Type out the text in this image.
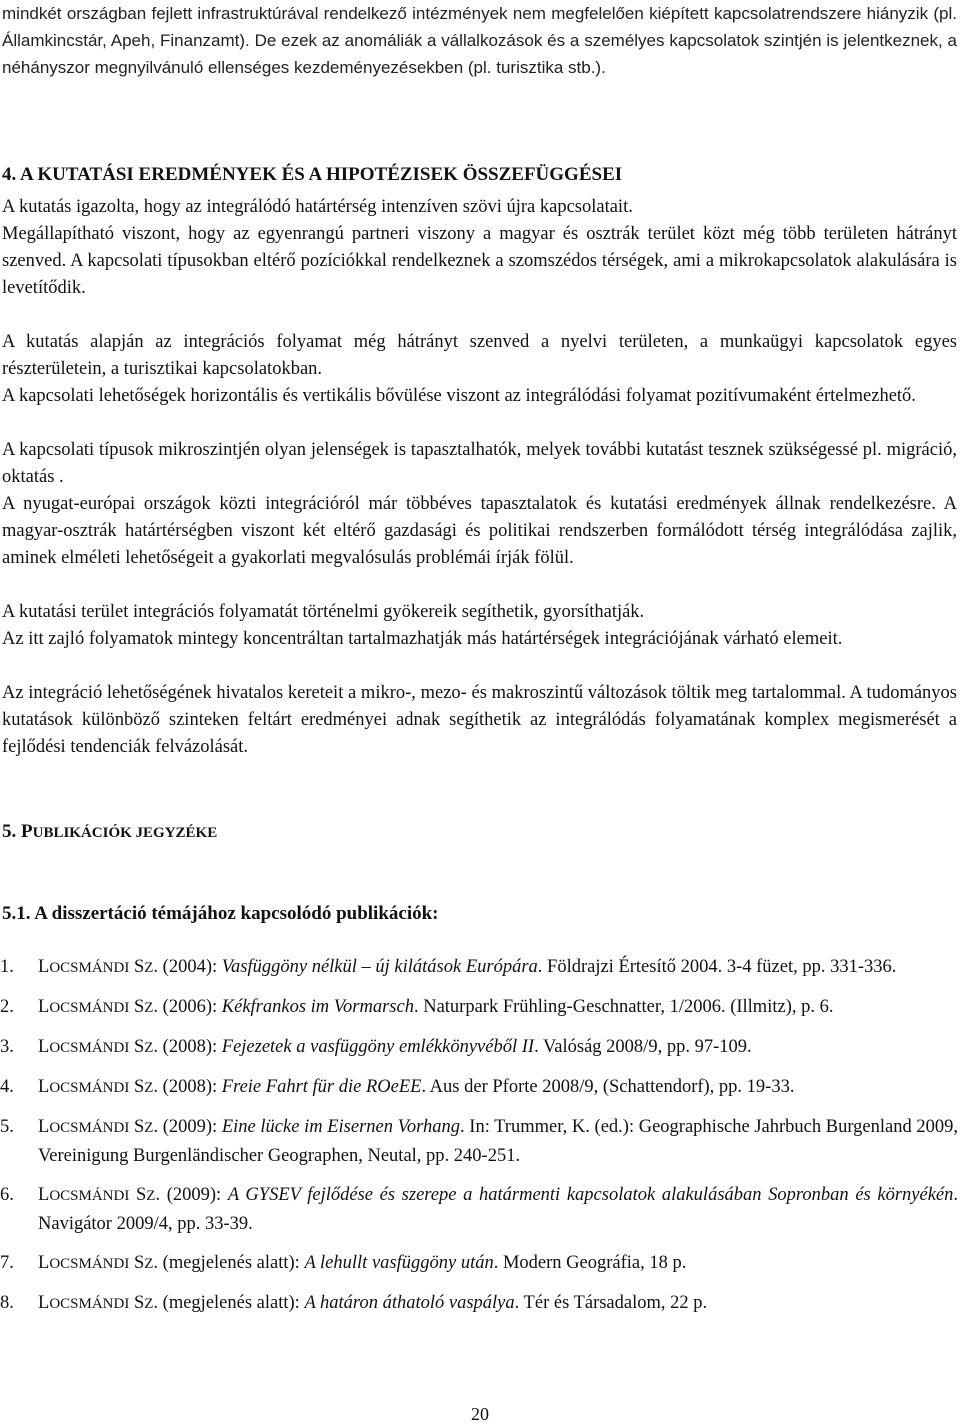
mindkét országban fejlett infrastruktúrával rendelkező intézmények nem megfelelően kiépített kapcsolatrendszere hiányzik (pl. Államkincstár, Apeh, Finanzamt). De ezek az anomáliák a vállalkozások és a személyes kapcsolatok szintjén is jelentkeznek, a néhányszor megnyilvánuló ellenséges kezdeményezésekben (pl. turisztika stb.).

4. A KUTATÁSI EREDMÉNYEK ÉS A HIPOTÉZISEK ÖSSZEFÜGGÉSEI

A kutatás igazolta, hogy az integrálódó határtérség intenzíven szövi újra kapcsolatait.

Megállapítható viszont, hogy az egyenrangú partneri viszony a magyar és osztrák terület közt még több területen hátrányt szenved. A kapcsolati típusokban eltérő pozíciókkal rendelkeznek a szomszédos térségek, ami a mikrokapcsolatok alakulására is levetítődik.

A kutatás alapján az integrációs folyamat még hátrányt szenved a nyelvi területen, a munkaügyi kapcsolatok egyes részterületein, a turisztikai kapcsolatokban.

A kapcsolati lehetőségek horizontális és vertikális bővülése viszont az integrálódási folyamat pozitívumaként értelmezhető.

A kapcsolati típusok mikroszintjén olyan jelenségek is tapasztalhatók, melyek további kutatást tesznek szükségessé pl. migráció, oktatás .

A nyugat-európai országok közti integrációról már többéves tapasztalatok és kutatási eredmények állnak rendelkezésre. A magyar-osztrák határtérségben viszont két eltérő gazdasági és politikai rendszerben formálódott térség integrálódása zajlik, aminek elméleti lehetőségeit a gyakorlati megvalósulás problémái írják fölül.

A kutatási terület integrációs folyamatát történelmi gyökereik segíthetik, gyorsíthatják.

Az itt zajló folyamatok mintegy koncentráltan tartalmazhatják más határtérségek integrációjának várható elemeit.

Az integráció lehetőségének hivatalos kereteit a mikro-, mezo- és makroszintű változások töltik meg tartalommal. A tudományos kutatások különböző szinteken feltárt eredményei adnak segíthetik az integrálódás folyamatának komplex megismerését a fejlődési tendenciák felvázolását.

5. PUBLIKÁCIÓK JEGYZÉKE
5.1. A disszertáció témájához kapcsolódó publikációk:
1.	LOCSMÁNDI SZ. (2004): Vasfüggöny nélkül – új kilátások Európára. Földrajzi Értesítő 2004. 3-4 füzet, pp. 331-336.
2.	LOCSMÁNDI SZ. (2006): Kékfrankos im Vormarsch. Naturpark Frühling-Geschnatter, 1/2006. (Illmitz), p. 6.
3.	LOCSMÁNDI SZ. (2008): Fejezetek a vasfüggöny emlékkönyvéből II. Valóság 2008/9, pp. 97-109.
4.	LOCSMÁNDI SZ. (2008): Freie Fahrt für die ROeEE. Aus der Pforte 2008/9, (Schattendorf), pp. 19-33.
5.	LOCSMÁNDI SZ. (2009): Eine lücke im Eisernen Vorhang. In: Trummer, K. (ed.): Geographische Jahrbuch Burgenland 2009, Vereinigung Burgenländischer Geographen, Neutal, pp. 240-251.
6.	LOCSMÁNDI SZ. (2009): A GYSEV fejlődése és szerepe a határmenti kapcsolatok alakulásában Sopronban és környékén. Navigátor 2009/4, pp. 33-39.
7.	LOCSMÁNDI SZ. (megjelenés alatt): A lehullt vasfüggöny után. Modern Geográfia, 18 p.
8.	LOCSMÁNDI SZ. (megjelenés alatt): A határon áthatoló vaspálya. Tér és Társadalom, 22 p.
20
